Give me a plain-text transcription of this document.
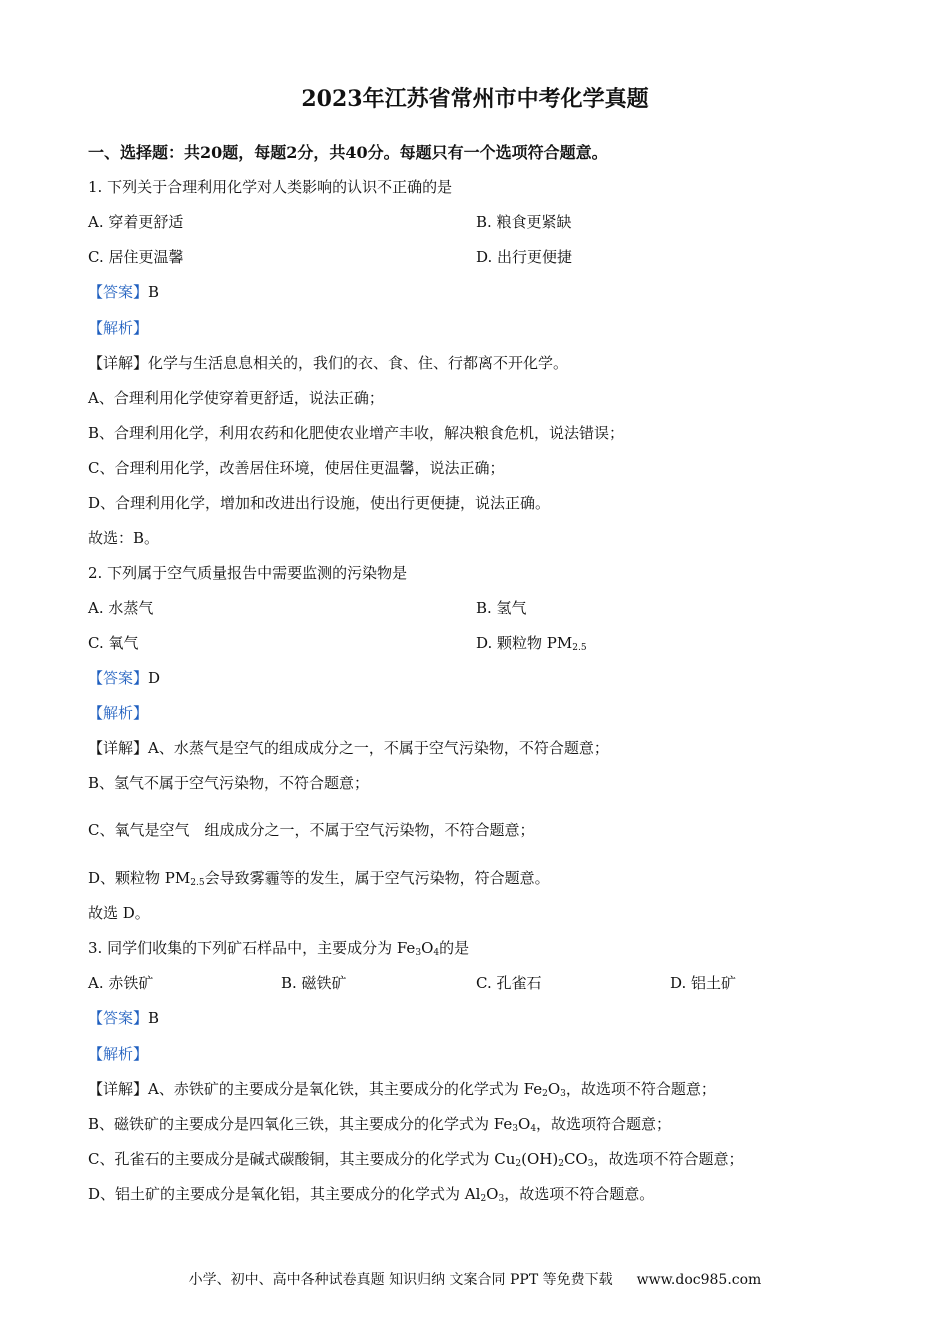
2023年江苏省常州市中考化学真题
一、选择题：共20题，每题2分，共40分。每题只有一个选项符合题意。
1. 下列关于合理利用化学对人类影响的认识不正确的是
A. 穿着更舒适	B. 粮食更紧缺
C. 居住更温馨	D. 出行更便捷
【答案】B
【解析】
【详解】化学与生活息息相关的，我们的衣、食、住、行都离不开化学。
A、合理利用化学使穿着更舒适，说法正确；
B、合理利用化学，利用农药和化肥使农业增产丰收，解决粮食危机，说法错误；
C、合理利用化学，改善居住环境，使居住更温馨，说法正确；
D、合理利用化学，增加和改进出行设施，使出行更便捷，说法正确。
故选：B。
2. 下列属于空气质量报告中需要监测的污染物是
A. 水蒸气	B. 氢气
C. 氧气	D. 颗粒物 $PM_{2.5}$
【答案】D
【解析】
【详解】A、水蒸气是空气的组成成分之一，不属于空气污染物，不符合题意；
B、氢气不属于空气污染物，不符合题意；
C、氧气是空气　组成成分之一，不属于空气污染物，不符合题意；
D、颗粒物 $PM_{2.5}$会导致雾霾等的发生，属于空气污染物，符合题意。
故选 D。
3. 同学们收集的下列矿石样品中，主要成分为 $Fe_3O_4$的是
A. 赤铁矿	B. 磁铁矿	C. 孔雀石	D. 铝土矿
【答案】B
【解析】
【详解】A、赤铁矿的主要成分是氧化铁，其主要成分的化学式为 $Fe_2O_3$，故选项不符合题意；
B、磁铁矿的主要成分是四氧化三铁，其主要成分的化学式为 $Fe_3O_4$，故选项符合题意；
C、孔雀石的主要成分是碱式碳酸铜，其主要成分的化学式为 $Cu_2(OH)_2CO_3$，故选项不符合题意；
D、铝土矿的主要成分是氧化铝，其主要成分的化学式为 $Al_2O_3$，故选项不符合题意。
小学、初中、高中各种试卷真题 知识归纳 文案合同 PPT 等免费下载 www.doc985.com
